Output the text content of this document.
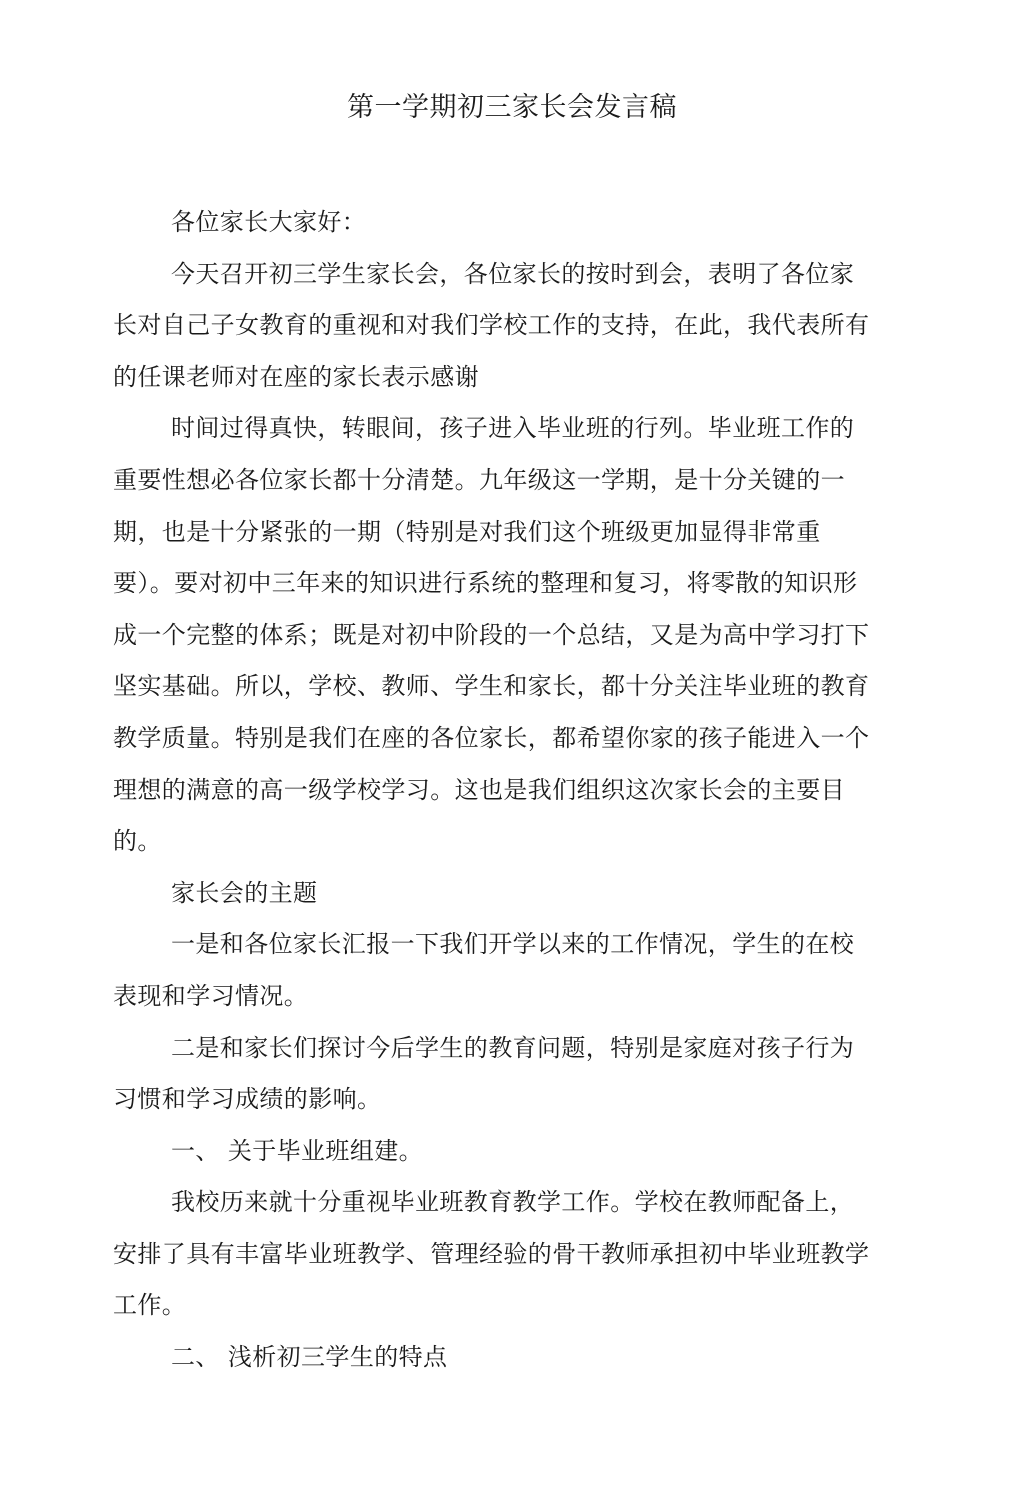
第一学期初三家长会发言稿

各位家长大家好：

今天召开初三学生家长会，各位家长的按时到会，表明了各位家长对自己子女教育的重视和对我们学校工作的支持，在此，我代表所有的任课老师对在座的家长表示感谢

时间过得真快，转眼间，孩子进入毕业班的行列。毕业班工作的重要性想必各位家长都十分清楚。九年级这一学期，是十分关键的一期，也是十分紧张的一期（特别是对我们这个班级更加显得非常重要）。要对初中三年来的知识进行系统的整理和复习，将零散的知识形成一个完整的体系；既是对初中阶段的一个总结，又是为高中学习打下坚实基础。所以，学校、教师、学生和家长，都十分关注毕业班的教育教学质量。特别是我们在座的各位家长，都希望你家的孩子能进入一个理想的满意的高一级学校学习。这也是我们组织这次家长会的主要目的。

家长会的主题

一是和各位家长汇报一下我们开学以来的工作情况，学生的在校表现和学习情况。

二是和家长们探讨今后学生的教育问题，特别是家庭对孩子行为习惯和学习成绩的影响。

一、 关于毕业班组建。

我校历来就十分重视毕业班教育教学工作。学校在教师配备上，安排了具有丰富毕业班教学、管理经验的骨干教师承担初中毕业班教学工作。

二、 浅析初三学生的特点
